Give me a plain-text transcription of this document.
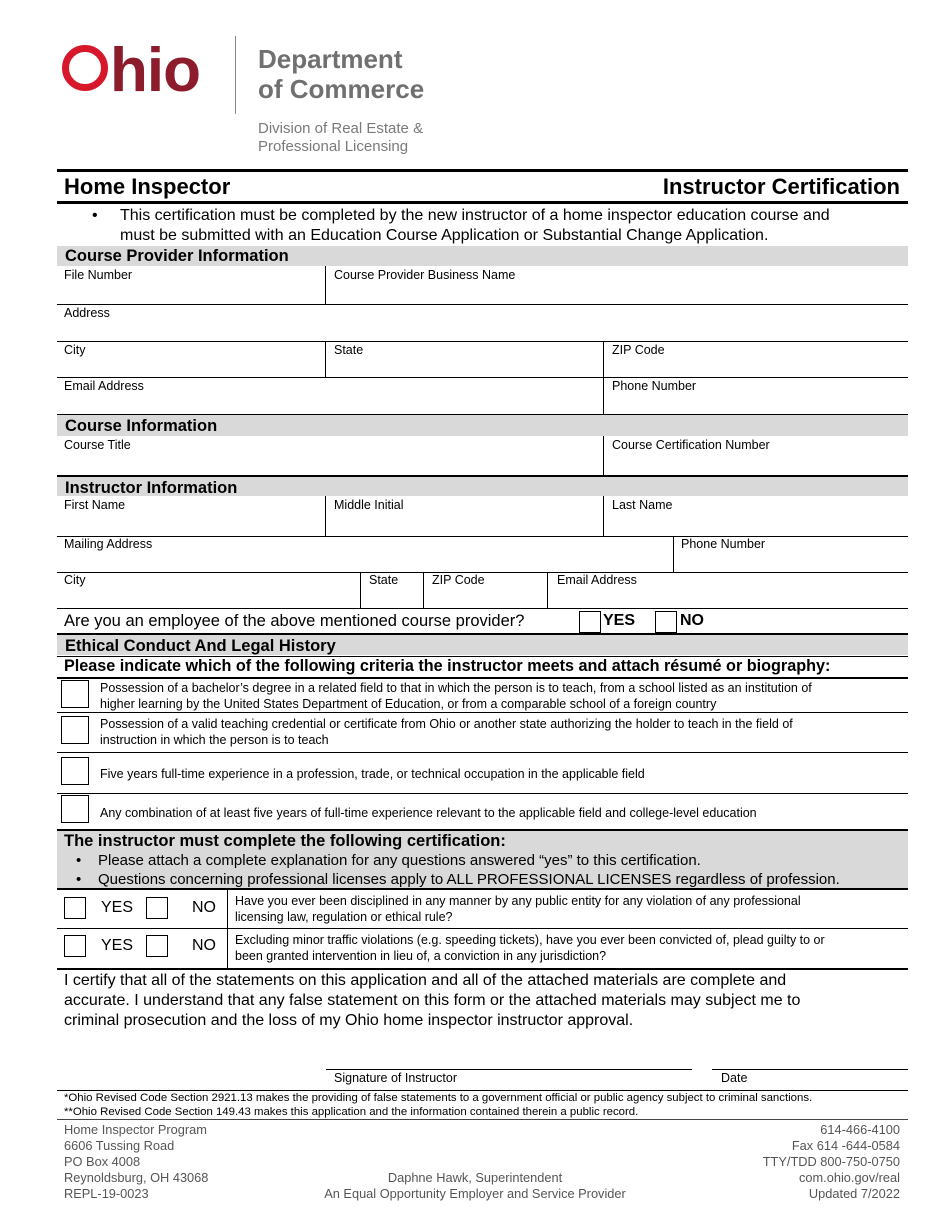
hio Department
of Commerce
Division of Real Estate &
Professional Licensing
Home Inspector	Instructor Certification
• This certification must be completed by the new instructor of a home inspector education course and
must be submitted with an Education Course Application or Substantial Change Application.
Course Provider Information
File Number	Course Provider Business Name
Address
City	State	ZIP Code
Email Address	Phone Number
Course Information
Course Title	Course Certification Number
Instructor Information
First Name	Middle Initial	Last Name
Mailing Address	Phone Number
City	State	ZIP Code	Email Address
Are you an employee of the above mentioned course provider?	YES	NO
Ethical Conduct And Legal History
Please indicate which of the following criteria the instructor meets and attach résumé or biography:
Possession of a bachelor’s degree in a related field to that in which the person is to teach, from a school listed as an institution of
higher learning by the United States Department of Education, or from a comparable school of a foreign country
Possession of a valid teaching credential or certificate from Ohio or another state authorizing the holder to teach in the field of
instruction in which the person is to teach
Five years full-time experience in a profession, trade, or technical occupation in the applicable field
Any combination of at least five years of full-time experience relevant to the applicable field and college-level education
The instructor must complete the following certification:
• Please attach a complete explanation for any questions answered “yes” to this certification.
• Questions concerning professional licenses apply to ALL PROFESSIONAL LICENSES regardless of profession.
YES	NO Have you ever been disciplined in any manner by any public entity for any violation of any professional
licensing law, regulation or ethical rule?
YES	NO Excluding minor traffic violations (e.g. speeding tickets), have you ever been convicted of, plead guilty to or
been granted intervention in lieu of, a conviction in any jurisdiction?
I certify that all of the statements on this application and all of the attached materials are complete and
accurate. I understand that any false statement on this form or the attached materials may subject me to
criminal prosecution and the loss of my Ohio home inspector instructor approval.
Signature of Instructor	Date
*Ohio Revised Code Section 2921.13 makes the providing of false statements to a government official or public agency subject to criminal sanctions.
**Ohio Revised Code Section 149.43 makes this application and the information contained therein a public record.
Home Inspector Program
6606 Tussing Road
PO Box 4008
Reynoldsburg, OH 43068
REPL-19-0023
Daphne Hawk, Superintendent
An Equal Opportunity Employer and Service Provider
614-466-4100
Fax 614 -644-0584
TTY/TDD 800-750-0750
com.ohio.gov/real
Updated 7/2022
